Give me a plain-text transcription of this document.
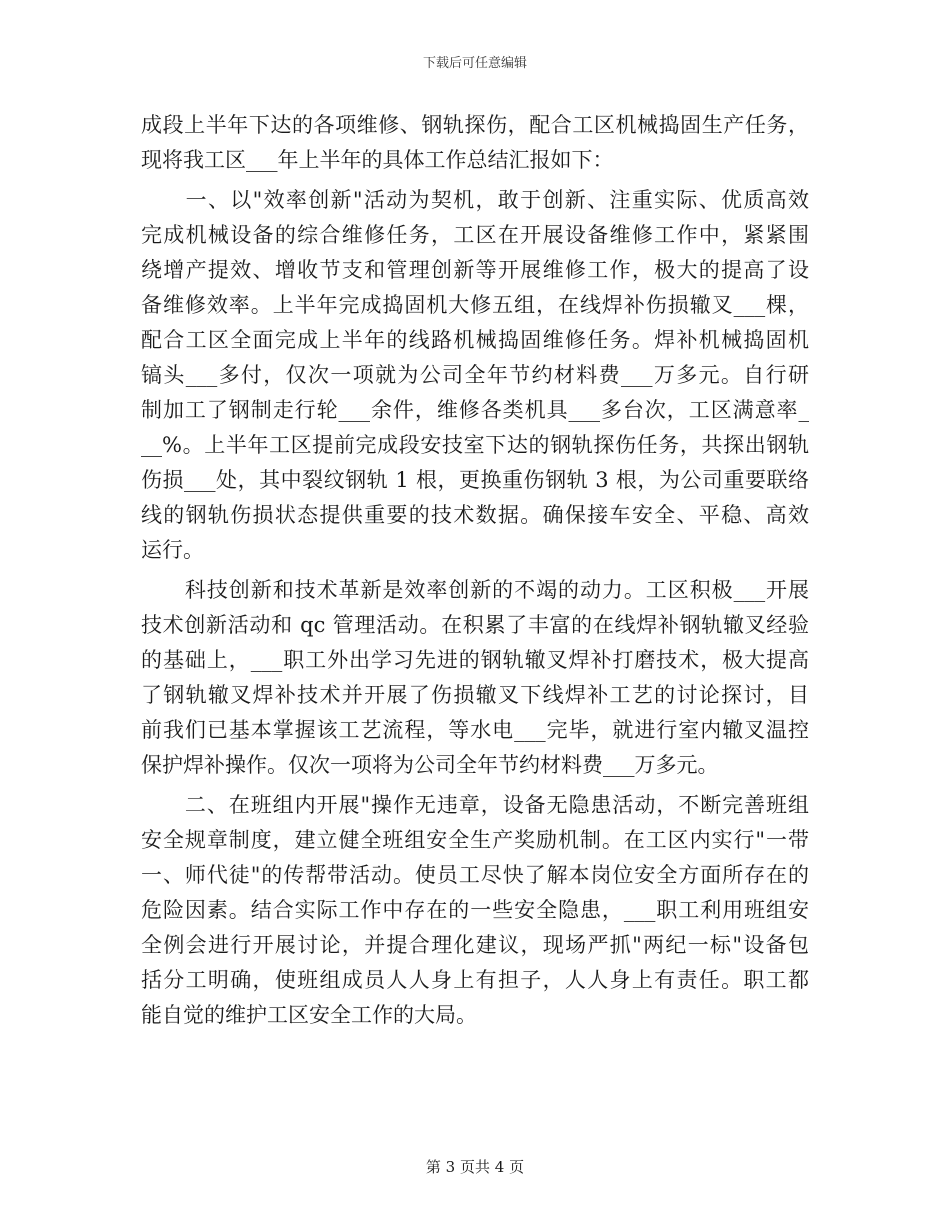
下载后可任意编辑
成段上半年下达的各项维修、钢轨探伤，配合工区机械捣固生产任务，
现将我工区___年上半年的具体工作总结汇报如下：
　　一、以"效率创新"活动为契机，敢于创新、注重实际、优质高效
完成机械设备的综合维修任务，工区在开展设备维修工作中，紧紧围
绕增产提效、增收节支和管理创新等开展维修工作，极大的提高了设
备维修效率。上半年完成捣固机大修五组，在线焊补伤损辙叉___棵，
配合工区全面完成上半年的线路机械捣固维修任务。焊补机械捣固机
镐头___多付，仅次一项就为公司全年节约材料费___万多元。自行研
制加工了钢制走行轮___余件，维修各类机具___多台次，工区满意率_
__%。上半年工区提前完成段安技室下达的钢轨探伤任务，共探出钢轨
伤损___处，其中裂纹钢轨 1 根，更换重伤钢轨 3 根，为公司重要联络
线的钢轨伤损状态提供重要的技术数据。确保接车安全、平稳、高效
运行。
　　科技创新和技术革新是效率创新的不竭的动力。工区积极___开展
技术创新活动和 qc 管理活动。在积累了丰富的在线焊补钢轨辙叉经验
的基础上，___职工外出学习先进的钢轨辙叉焊补打磨技术，极大提高
了钢轨辙叉焊补技术并开展了伤损辙叉下线焊补工艺的讨论探讨，目
前我们已基本掌握该工艺流程，等水电___完毕，就进行室内辙叉温控
保护焊补操作。仅次一项将为公司全年节约材料费___万多元。
　　二、在班组内开展"操作无违章，设备无隐患活动，不断完善班组
安全规章制度，建立健全班组安全生产奖励机制。在工区内实行"一带
一、师代徒"的传帮带活动。使员工尽快了解本岗位安全方面所存在的
危险因素。结合实际工作中存在的一些安全隐患，___职工利用班组安
全例会进行开展讨论，并提合理化建议，现场严抓"两纪一标"设备包
括分工明确，使班组成员人人身上有担子，人人身上有责任。职工都
能自觉的维护工区安全工作的大局。
第 3 页共 4 页
